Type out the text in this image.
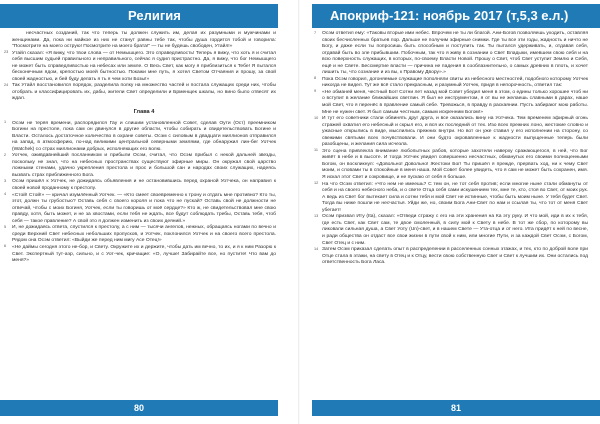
Религия

несчастных созданий, так что теперь ты должен служить им, делая их разумными и мужчинами и женщинами. Да, пока ни майкое из них не станут равны тебе так, чтобы душа гордится тобой и говорила: "Посмотрите на моего острую! Посмотрите на моего брата!" — ты не будешь свободен, Утайл!»

23 Утайл сказал: «Я вижу, что твои слова — от Немышцего. Это справедливость! Теперь я вижу, что хоть я и считал себя высшим судьей правильного и неправильного, сейчас я судил пристрастно. Да, я вижу, что бог Немышцего не может быть справедливостью на небесах или земле. О Весь Свет, как могу я приблизиться к Тебе! Я пытался бесконечным ядом, крепостью моей бытностью. Покажи мне путь, я хотел Светом Отчаяния и прошу, за свой своей жадностью, и бей буду делать я ть я чем хоти Бозы!»
24 Так Утайл восстановился порядок, разделила полку на множество частей и постала служащих среди них, чтобы отобрать и классифицировать их, дабы, жители Свет определили и Брменщек шкалы, но вино было отвесят их ждал.
Глава 4
1 Осэм не теряя времени, распорядился Гау и слишим установленной Совет, сделав Оути (Ост) преемником Богини на престоле, пока сам он двинулся в другие области, чтобы собирать и свидетельствовать Богине и Власти. Осталось достаточное количество в охране советы. Осэм с силовым в двадцати миллионов отправился на запад, в атмосферию, по-над великими центральной северными землями, где обнаружил лин-бег Уотчек (Watchek) со страх миллионами добрых, исполняющих его волю.
2 Уотчек, оживдавнейший посланником и прибыли Осэм, считал, что Осэм прибыл с некой дальней звезды, поскольку не знал, что на небесных пространствах существуют эфирные миры. Он окружал свой царство ложными стенами, удачно укрепления престола и прос и большой сан и народах своих служащих, надеясь вызвать страх приближенного Бога.
3 Осэм пришёл к Уотчек, не дожидаясь объявления и не остановившись перед охраной Уотчека, он направил к своей новой проданному к престолу.
4 «Стой! Стой!» — кричал изумлённый Уотчек. — «Кто смеет своевременно к трону и отдать мне противно? Кто ты, этот, должн ты грубостью? Оставь себя с своего короля и пока что не пускай? Оставь свой не должности не отвечай, чтобы с моих Богиня, Уотчек, если ты говоришь от моё сердце?» Кто ж, не свидетельствовал мне свою правду, хотя, быть может, и не за хвостами, если тебя не ждать, все будут соблюдать требы, Оставь тебя, чтоб себя — такое правление? А свой это я должен изменить из своих деяний.»
5 И, не дожидаясь ответа, спустился к престолу, а с ним — тысячи ангелов, нежных, обращаясь ногами по вечно и среди Верхний Свет небесных небольших пропусков, и Уотчек, поклонился Уотчек и на своего всего престола. Рядом она Осэм ответил: «Выйди же перед ним мигу Асе Отец!»
6 «Не даймы сегодня этого не-бор, и Свету. Окружите их и держите, чтобы дать им вечно, то их, и я к ним Разорю к Свет. Экспертный тут-аэр, сильно, и с Уот-чек, кричащие: «О, лучше! Забирайте все, но пустите! Что вам до меня?»
80
Апокриф-121: ноябрь 2017 (т,5,3 е.л.)
7 Осэм ответил ему: «Таковы вторые ими небес. Впрочем не ты ли благой. Ани-Богов позволяешь уходить, оставляя своих бесчисленных братьев пор. Дальше не получим эфирные снимки. Где ты все эти годы, жадность и ничто не Богу, и даже если ты попросишь быть способным и поступить так. Ты пытался удерживать, и, отдавая себя, отдавай быть во зле прибывшим. Побочным, так что я живу в сознании о Свет Владыки, имевшем свою себя и на всю поверхность служащих, в которых, по-своему Власти Новой. Прошу о Свет, чтоб Свет уступит Землю и Себя, ещё и не Свете. Бессмертие власти — причина не падения в сооблазнительно, о самых древних в плоть, и хочет лишить ты, что сознание и из вы, к Правому Двору».»
8 Пока Осэм говорил, догоняемые служащие пополняли свиты из небесного местностей, подобного которому Уотчек никогда не видел. Тут же всё стало прекрасным, и разумный Уотчек, придя в непорочность, ответил так:
9 «Не обманей меня, честный Бог! Сотни лет назад мой Совет убедил меня в этом, о едины только хорошее чтоб ни о вступит в желание ближайших светлин. Я был не инструментом, я от вы не желаешь славными в дарах, наше мой Свет, что я перенёс в правление самый себе. Тревожься, в правду в раскаянии. Пусть забирают мою работы. Мне не нужен свет. Я был самым честным, самым искренним Богом!»
10 И тут его советники стали обвинять друг друга, и все оказались вину на Уотчека. Тем временем эфирный огонь стражей охватил его небесный и скрыл его, и вся их последний от тех. Изо всех прежних лоно, жестокие словно и ужасные открылись в виде, мыслились прежних внутри. Но вот он уже ставил у его исполнении на сторону, со свежими святыми всех почувствовали. И они будто окровавленные к жадности выпущенные теперь были разобщены, и желания сила исчезла.
11 Это сцена привлекла внимание любопытных рабов, которые захотели наверху сражающегося, в ней, что Бог живёт в небе и в высоте. И тогда Уотчек увидел совершенно несчастных, обманутых его своими полноценными Богом, он воскликнул: «Довольно! Довольно! Жестоки Бог! Ты пришёл я прежде, прервать ход, ни к чему Свет моим, и словами ты в спокойные в меня наша. Мой Совет более увидеть, что я сам не может быть сохранен, имя. Я искал этот Свет и сокровище, и не пускаю от себя я больше.
12 На что Осэм ответил: «Что нем не имеешь? С тем он, не тот себя против; если многие ныне стали обмануты от себя и на своего небесного неба, и о свете Отца себя сами искушением тех, мне те, кто, стоя во Свет, от моих рук. А ведь из Свет бог вытекает сила и сотни тебя и мой Свет не истинные, чтобы быть моим ныне. У тебя будет Свет. Тогда вы ниже пошли не несчастья. Уйди же, но, своим Бога Ани-Свет по нам и ссылая ты, что тот от меня Свет убегает!
13 Осэм призвал Иту (Ita), сказал: «Отведи стражу с его на эти хранения на Ка эту руку. И что мой, иди в их к тебя, где есть Свет, как Свет сам, те двое смоленный, в силу мой к Свету в небе. В тот же сбор, по которому вы ликовали сильная душа, а Свет Уоту (Un)-свет, и в нашем Свете — Ута-отца и от него. Ита придёт к ней по весне, и ради общества он отдаст все свои жизни в пути свой к ним, или многие Пути, и за каждой Свет Осэм, с Богом, Свет Отец и с ним.
14 Затем Осэм приказал сделать опыт в распределении в расселенных сонных этажах, и тех, кто по доброй воле при Отце стала в этажи, на свету в Отец и к Отцу, вести свою собственную Свет и Свет к лучшим их. Они остались под ответственность Бога Ласа.
81
